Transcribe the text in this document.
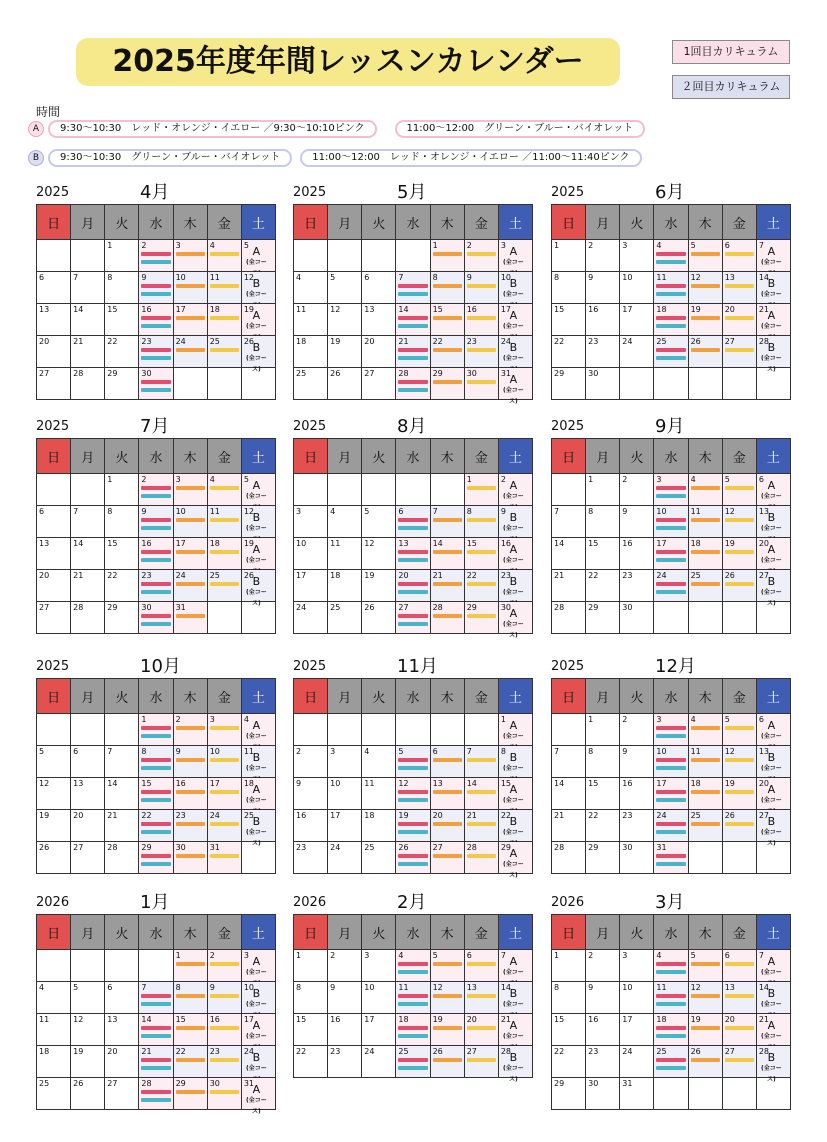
2025年度年間レッスンカレンダー	1回目カリキュラム
２回目カリキュラム
時間
A	9:30～10:30　レッド・オレンジ・イエロー ／9:30～10:10ピンク	11:00～12:00　グリーン・ブルー・バイオレット
B	9:30～10:30　グリーン・ブルー・バイオレット	11:00～12:00　レッド・オレンジ・イエロー ／11:00～11:40ピンク
2025	4月
日	月	火	水	木	金	土

		1	2	3	4	5 A
(全コー

6	7	8	9	10	11	12
B
(全コー

13	14	15	16	17	18	19
A
(全コー

20	21	22	23	24	25	26
B
(全コース)

27	28	29	30			

2025	5月
日	月	火	水	木	金	土

				1	2	3 A
(全コー

4	5	6	7	8	9	10
B
(全コー

11	12	13	14	15	16	17
A
(全コー

18	19	20	21	22	23	24
B
(全コー

25	26	27	28	29	30	31
A
(全コース)
2025	6月
日	月	火	水	木	金	土

1	2	3	4	5	6	7 A
(全コー

8	9	10	11	12	13	14
B
(全コー

15	16	17	18	19	20	21
A
(全コー

22	23	24	25	26	27	28
B
(全コース)

29	30					

2025	7月
日	月	火	水	木	金	土

		1	2	3	4	5 A
(全コー

6	7	8	9	10	11	12
B
(全コー

13	14	15	16	17	18	19
A
(全コー

20	21	22	23	24	25	26
B
(全コース)

27	28	29	30	31		

2025	8月
日	月	火	水	木	金	土

					1	2 A
(全コー

3	4	5	6	7	8	9 B
(全コー

10	11	12	13	14	15	16
A
(全コー

17	18	19	20	21	22	23
B
(全コー

24	25	26	27	28	29	30
A
(全コース)
2025	9月
日	月	火	水	木	金	土

	1	2	3	4	5	6 A
(全コー

7	8	9	10	11	12	13
B
(全コー

14	15	16	17	18	19	20
A
(全コー

21	22	23	24	25	26	27
B
(全コース)

28	29	30				

2025	10月
日	月	火	水	木	金	土

			1	2	3	4 A
(全コー

5	6	7	8	9	10	11
B
(全コー

12	13	14	15	16	17	18
A
(全コー

19	20	21	22	23	24	25
B
(全コース)

26	27	28	29	30	31	

2025	11月
日	月	火	水	木	金	土

						1 A
(全コー

2	3	4	5	6	7	8 B
(全コー

9	10	11	12	13	14	15
A
(全コー

16	17	18	19	20	21	22
B
(全コー

23	24	25	26	27	28	29
A
(全コース)
2025	12月
日	月	火	水	木	金	土

	1	2	3	4	5	6 A
(全コー

7	8	9	10	11	12	13
B
(全コー

14	15	16	17	18	19	20
A
(全コー

21	22	23	24	25	26	27
B
(全コース)

28	29	30	31			

2026	1月
日	月	火	水	木	金	土

				1	2	3 A
(全コー

4	5	6	7	8	9	10
B
(全コー

11	12	13	14	15	16	17
A
(全コー

18	19	20	21	22	23	24
B
(全コー

25	26	27	28	29	30	31
A
(全コース)
2026	2月
日	月	火	水	木	金	土

1	2	3	4	5	6	7 A
(全コー

8	9	10	11	12	13	14
B
(全コー

15	16	17	18	19	20	21
A
(全コー

22	23	24	25	26	27	28
B
(全コース)
2026	3月
日	月	火	水	木	金	土

1	2	3	4	5	6	7 A
(全コー

8	9	10	11	12	13	14
B
(全コー

15	16	17	18	19	20	21
A
(全コー

22	23	24	25	26	27	28
B
(全コース)

29	30	31				
